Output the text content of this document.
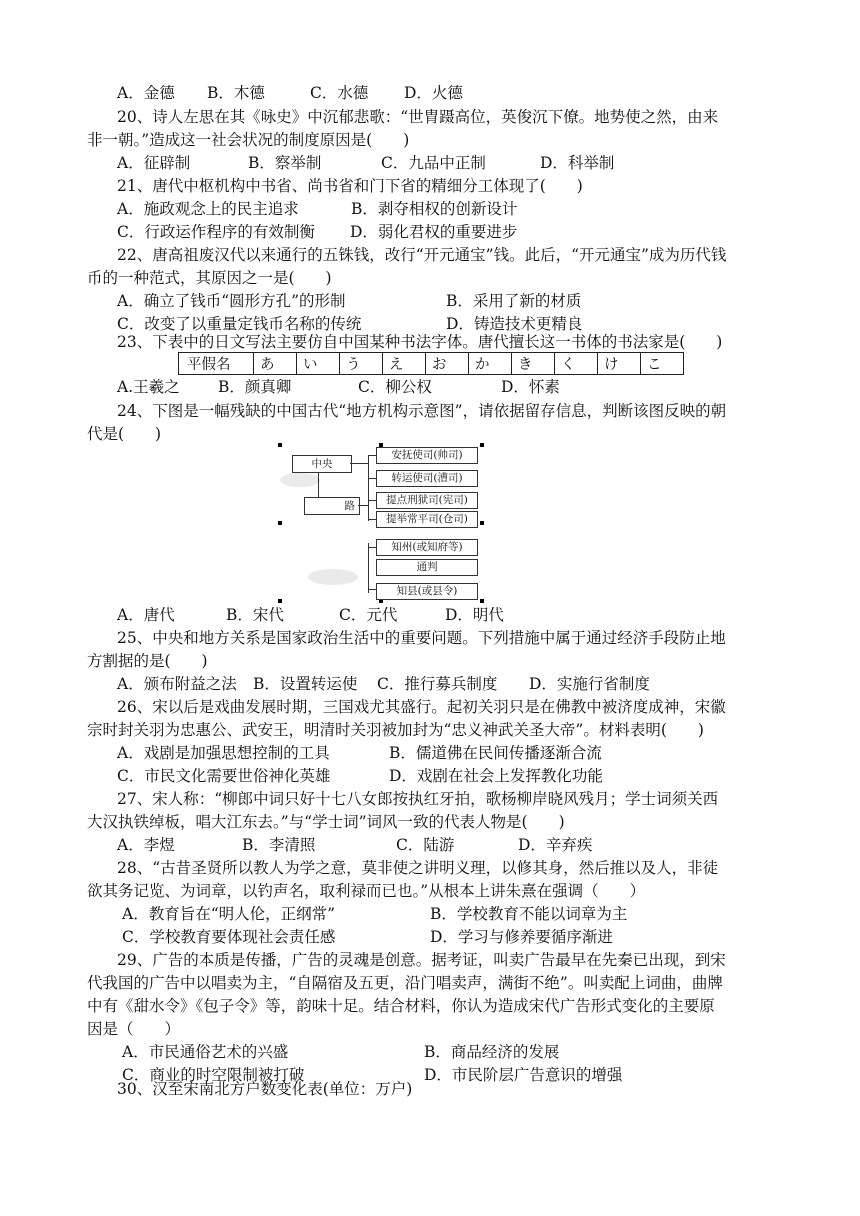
A．金德 B．木德	C．水德 D．火德
20、诗人左思在其《咏史》中沉郁悲歌：“世胄蹑高位，英俊沉下僚。地势使之然，由来
非一朝。”造成这一社会状况的制度原因是(　　)
A．征辟制	B．察举制	C．九品中正制	D．科举制
21、唐代中枢机构中书省、尚书省和门下省的精细分工体现了(　　)
A．施政观念上的民主追求	B．剥夺相权的创新设计
C．行政运作程序的有效制衡 D．弱化君权的重要进步
22、唐高祖废汉代以来通行的五铢钱，改行“开元通宝”钱。此后，“开元通宝”成为历代钱
币的一种范式，其原因之一是(　　)
A．确立了钱币“圆形方孔”的形制	B．采用了新的材质
C．改变了以重量定钱币名称的传统	D．铸造技术更精良
23、下表中的日文写法主要仿自中国某种书法字体。唐代擅长这一书体的书法家是(　　)
平假名	あ	い	う	え	お	か	き	く	け	こ
A.王羲之 B．颜真卿	C．柳公权	D．怀素
24、下图是一幅残缺的中国古代“地方机构示意图”，请依据留存信息，判断该图反映的朝
代是(　　)
中央
路
安抚使司(帅司)
转运使司(漕司)
提点刑狱司(宪司)
提举常平司(仓司)
知州(或知府等)
通判
知县(或县令)
A．唐代	B．宋代	C．元代	D．明代
25、中央和地方关系是国家政治生活中的重要问题。下列措施中属于通过经济手段防止地
方割据的是(　　)
A．颁布附益之法 B．设置转运使 C．推行募兵制度 D．实施行省制度
26、宋以后是戏曲发展时期，三国戏尤其盛行。起初关羽只是在佛教中被济度成神，宋徽
宗时封关羽为忠惠公、武安王，明清时关羽被加封为“忠义神武关圣大帝”。材料表明(　　)
A．戏剧是加强思想控制的工具	B．儒道佛在民间传播逐渐合流
C．市民文化需要世俗神化英雄	D．戏剧在社会上发挥教化功能
27、宋人称：“柳郎中词只好十七八女郎按执红牙拍，歌杨柳岸晓风残月；学士词须关西
大汉执铁绰板，唱大江东去。”与“学士词”词风一致的代表人物是(　　)
A．李煜	B．李清照	C．陆游	D．辛弃疾
28、“古昔圣贤所以教人为学之意，莫非使之讲明义理，以修其身，然后推以及人，非徒
欲其务记览、为词章，以钓声名，取利禄而已也。”从根本上讲朱熹在强调（　　）
A．教育旨在“明人伦，正纲常”	B．学校教育不能以词章为主
C．学校教育要体现社会责任感	D．学习与修养要循序渐进
29、广告的本质是传播，广告的灵魂是创意。据考证，叫卖广告最早在先秦已出现，到宋
代我国的广告中以唱卖为主，“自隔宿及五更，沿门唱卖声，满街不绝”。叫卖配上词曲，曲牌
中有《甜水令》《包子令》等，韵味十足。结合材料，你认为造成宋代广告形式变化的主要原
因是（　　）
A．市民通俗艺术的兴盛	B．商品经济的发展
C．商业的时空限制被打破	D．市民阶层广告意识的增强
30、汉至宋南北方户数变化表(单位：万户)
